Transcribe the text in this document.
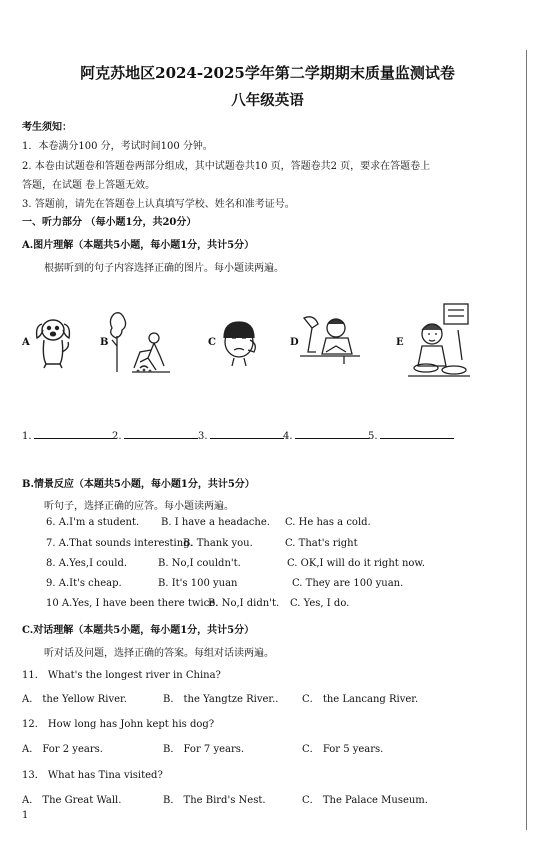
阿克苏地区2024-2025学年第二学期期末质量监测试卷
八年级英语
考生须知：
1．本卷满分100 分，考试时间100 分钟。
2. 本卷由试题卷和答题卷两部分组成，其中试题卷共10 页，答题卷共2 页，要求在答题卷上
答题，在试题 卷上答题无效。
3. 答题前，请先在答题卷上认真填写学校、姓名和准考证号。
一、听力部分 （每小题1分，共20分）
A.图片理解（本题共5小题，每小题1分，共计5分）
根据听到的句子内容选择正确的图片。每小题读两遍。
A	B	C	D	E
1.	2.	3.	4.	5.
B.情景反应（本题共5小题，每小题1分，共计5分）
听句子，选择正确的应答。每小题读两遍。
6. A.I'm a student. B. I have a headache. C. He has a cold.
7. A.That sounds interesting.
B. Thank you.	C. That's right
8. A.Yes,I could.	B. No,I couldn't.	C. OK,I will do it right now.
9. A.It's cheap.	B. It's 100 yuan	C. They are 100 yuan.
10 A.Yes, I have been there twice.
B. No,I didn't. C. Yes, I do.
C.对话理解（本题共5小题，每小题1分，共计5分）
听对话及问题，选择正确的答案。每组对话读两遍。
11． What's the longest river in China?
A． the Yellow River.	B． the Yangtze River.. C． the Lancang River.
12． How long has John kept his dog?
A． For 2 years.	B． For 7 years.	C． For 5 years.
13． What has Tina visited?
A． The Great Wall.	B． The Bird's Nest.	C． The Palace Museum.
1
